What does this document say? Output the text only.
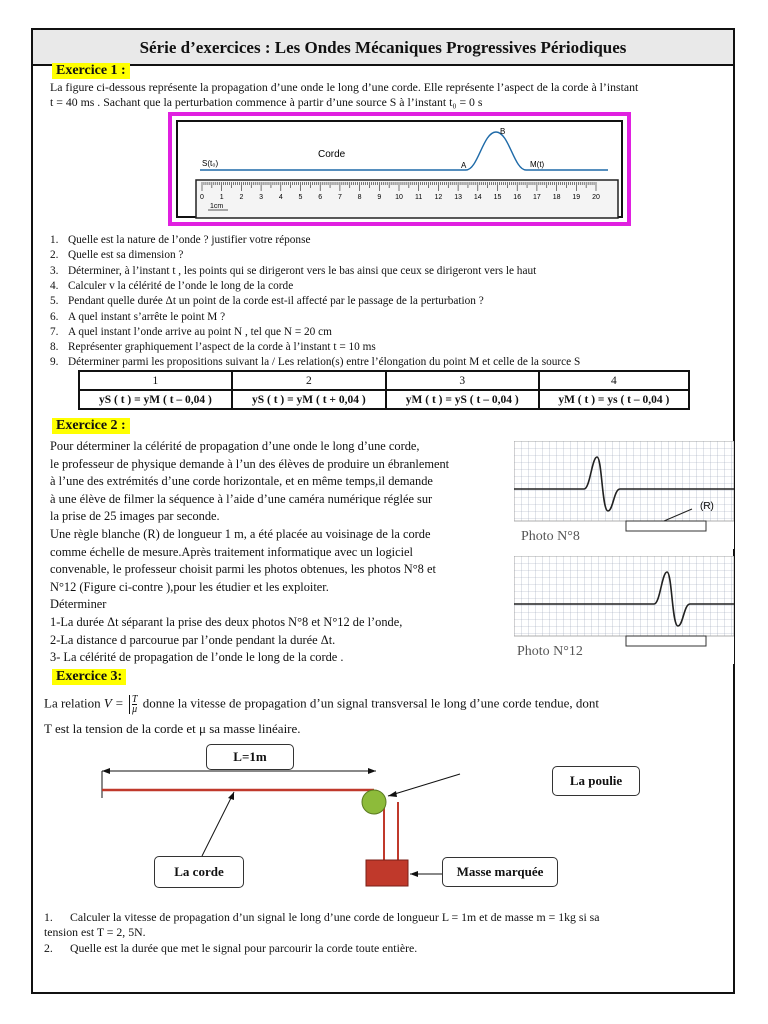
Série d’exercices : Les Ondes Mécaniques Progressives Périodiques
Exercice 1 :
La figure ci-dessous représente la propagation d’une onde le long d’une corde. Elle représente l’aspect de la corde à l’instant
t = 40 ms . Sachant que la perturbation commence à partir d’une source S à l’instant t₀ = 0 s
S(t₀)
Corde
A
B
M(t)
0 1 2 3 4 5 6 7 8 9 10 11 12 13 14 15 16 17 18 19 20
1cm
1. Quelle est la nature de l’onde ? justifier votre réponse
2. Quelle est sa dimension ?
3. Déterminer, à l’instant t , les points qui se dirigeront vers le bas ainsi que ceux se dirigeront vers le haut
4. Calculer v la célérité de l’onde le long de la corde
5. Pendant quelle durée Δt un point de la corde est-il affecté par le passage de la perturbation ?
6. A quel instant s’arrête le point M ?
7. A quel instant l’onde arrive au point N , tel que N = 20 cm
8. Représenter graphiquement l’aspect de la corde à l’instant t = 10 ms
9. Déterminer parmi les propositions suivant la / Les relation(s) entre l’élongation du point M et celle de la source S
1	2	3	4
yS ( t ) = yM ( t – 0,04 )	yS ( t ) = yM ( t + 0,04 )	yM ( t ) = yS ( t – 0,04 )	yM ( t ) = ys ( t – 0,04 )
Exercice 2 :
Pour déterminer la célérité de propagation d’une onde le long d’une corde,
le professeur de physique demande à l’un des élèves de produire un ébranlement
à l’une des extrémités d’une corde horizontale, et en même temps,il demande
à une élève de filmer la séquence à l’aide d’une caméra numérique réglée sur
la prise de 25 images par seconde.
Une règle blanche (R) de longueur 1 m, a été placée au voisinage de la corde
comme échelle de mesure.Après traitement informatique avec un logiciel
convenable, le professeur choisit parmi les photos obtenues, les photos N°8 et
N°12 (Figure ci-contre ),pour les étudier et les exploiter.
Déterminer
1-La durée Δt séparant la prise des deux photos N°8 et N°12 de l’onde,
2-La distance d parcourue par l’onde pendant la durée Δt.
3- La célérité de propagation de l’onde le long de la corde .
(R)
Photo N°8
Photo N°12
Exercice 3:
La relation $V = \frac{T}{\mu}$ donne la vitesse de propagation d’un signal transversal le long d’une corde tendue, dont
T est la tension de la corde et μ sa masse linéaire.
L=1m
La poulie
La corde	Masse marquée
1. Calculer la vitesse de propagation d’un signal le long d’une corde de longueur L = 1m et de masse m = 1kg si sa
tension est T = 2, 5N.
2. Quelle est la durée que met le signal pour parcourir la corde toute entière.
